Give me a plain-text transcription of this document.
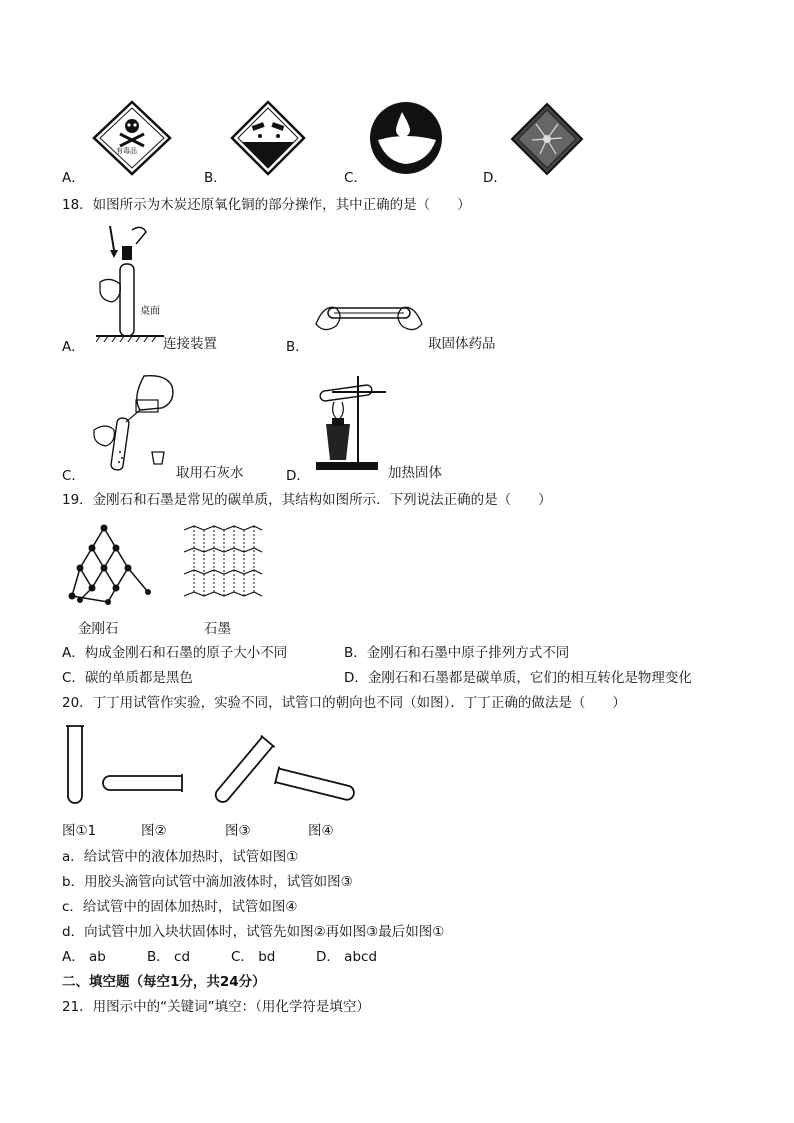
有毒品
A．	B．	C．	D．
18．如图所示为木炭还原氧化铜的部分操作，其中正确的是（　　）
桌面
A．	连接装置	B．	取固体药品
C．	取用石灰水	D．	加热固体
19．金刚石和石墨是常见的碳单质，其结构如图所示．下列说法正确的是（　　）
金刚石	石墨
A．构成金刚石和石墨的原子大小不同	B．金刚石和石墨中原子排列方式不同
C．碳的单质都是黑色	D．金刚石和石墨都是碳单质，它们的相互转化是物理变化
20．丁丁用试管作实验，实验不同，试管口的朝向也不同（如图）．丁丁正确的做法是（　　）
图①1	图②	图③	图④
a．给试管中的液体加热时，试管如图①
b．用胶头滴管向试管中滴加液体时，试管如图③
c．给试管中的固体加热时，试管如图④
d．向试管中加入块状固体时，试管先如图②再如图③最后如图①
A． ab	B． cd	C． bd	D． abcd
二、填空题（每空1分，共24分）
21．用图示中的“关键词”填空：（用化学符是填空）
